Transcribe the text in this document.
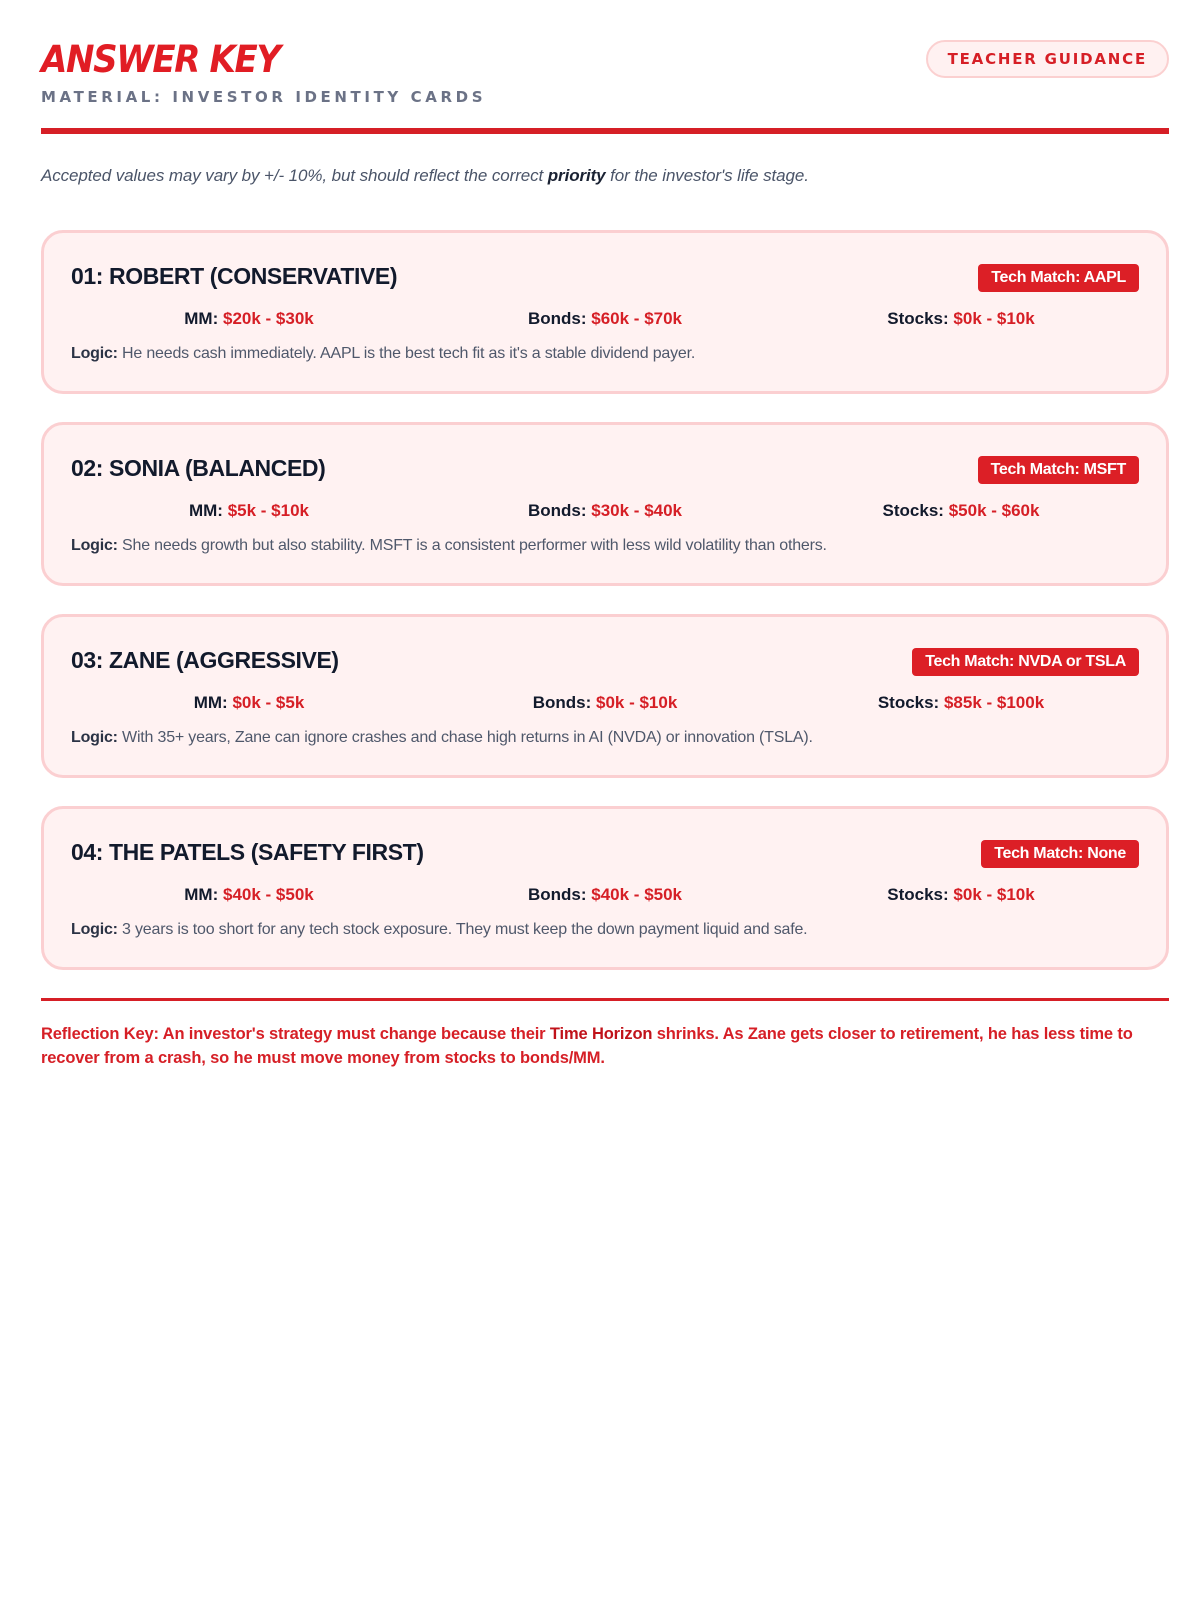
ANSWER KEY
MATERIAL: INVESTOR IDENTITY CARDS
TEACHER GUIDANCE
Accepted values may vary by +/- 10%, but should reflect the correct priority for the investor's life stage.
01: ROBERT (CONSERVATIVE)	Tech Match: AAPL
MM: $20k - $30k	Bonds: $60k - $70k	Stocks: $0k - $10k
Logic: He needs cash immediately. AAPL is the best tech fit as it's a stable dividend payer.
02: SONIA (BALANCED)	Tech Match: MSFT
MM: $5k - $10k	Bonds: $30k - $40k	Stocks: $50k - $60k
Logic: She needs growth but also stability. MSFT is a consistent performer with less wild volatility than others.
03: ZANE (AGGRESSIVE)	Tech Match: NVDA or TSLA
MM: $0k - $5k	Bonds: $0k - $10k	Stocks: $85k - $100k
Logic: With 35+ years, Zane can ignore crashes and chase high returns in AI (NVDA) or innovation (TSLA).
04: THE PATELS (SAFETY FIRST)	Tech Match: None
MM: $40k - $50k	Bonds: $40k - $50k	Stocks: $0k - $10k
Logic: 3 years is too short for any tech stock exposure. They must keep the down payment liquid and safe.
Reflection Key: An investor's strategy must change because their Time Horizon shrinks. As Zane gets closer to retirement, he has less time to recover from a crash, so he must move money from stocks to bonds/MM.
